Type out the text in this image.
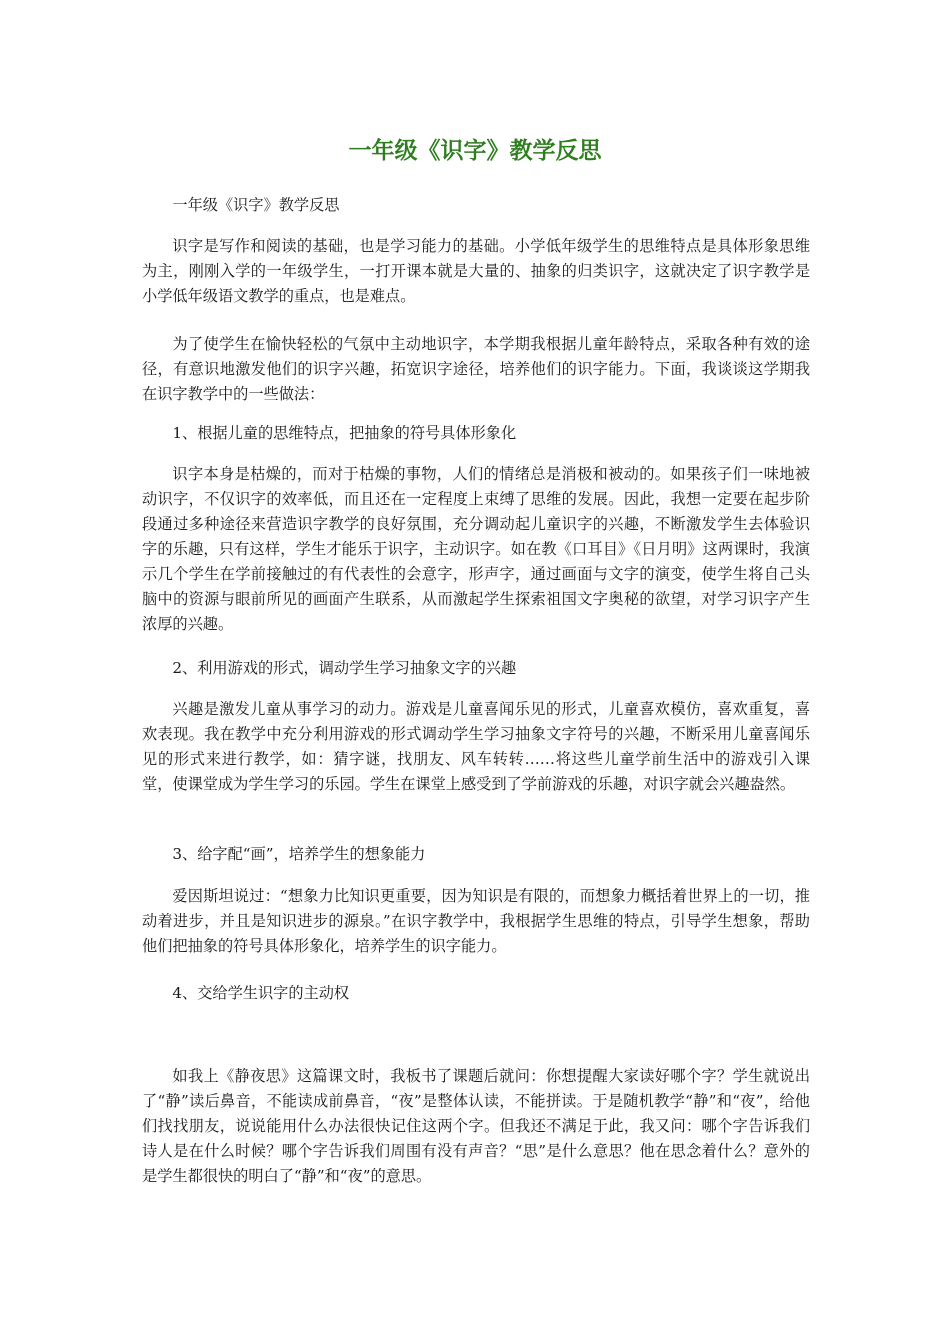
一年级《识字》教学反思

一年级《识字》教学反思

识字是写作和阅读的基础，也是学习能力的基础。小学低年级学生的思维特点是具体形象思维为主，刚刚入学的一年级学生，一打开课本就是大量的、抽象的归类识字，这就决定了识字教学是小学低年级语文教学的重点，也是难点。

为了使学生在愉快轻松的气氛中主动地识字，本学期我根据儿童年龄特点，采取各种有效的途径，有意识地激发他们的识字兴趣，拓宽识字途径，培养他们的识字能力。下面，我谈谈这学期我在识字教学中的一些做法：

1、根据儿童的思维特点，把抽象的符号具体形象化

识字本身是枯燥的，而对于枯燥的事物，人们的情绪总是消极和被动的。如果孩子们一味地被动识字，不仅识字的效率低，而且还在一定程度上束缚了思维的发展。因此，我想一定要在起步阶段通过多种途径来营造识字教学的良好氛围，充分调动起儿童识字的兴趣，不断激发学生去体验识字的乐趣，只有这样，学生才能乐于识字，主动识字。如在教《口耳目》《日月明》这两课时，我演示几个学生在学前接触过的有代表性的会意字，形声字，通过画面与文字的演变，使学生将自己头脑中的资源与眼前所见的画面产生联系，从而激起学生探索祖国文字奥秘的欲望，对学习识字产生浓厚的兴趣。

2、利用游戏的形式，调动学生学习抽象文字的兴趣

兴趣是激发儿童从事学习的动力。游戏是儿童喜闻乐见的形式，儿童喜欢模仿，喜欢重复，喜欢表现。我在教学中充分利用游戏的形式调动学生学习抽象文字符号的兴趣，不断采用儿童喜闻乐见的形式来进行教学，如：猜字谜，找朋友、风车转转……将这些儿童学前生活中的游戏引入课堂，使课堂成为学生学习的乐园。学生在课堂上感受到了学前游戏的乐趣，对识字就会兴趣盎然。

3、给字配“画”，培养学生的想象能力

爱因斯坦说过：“想象力比知识更重要，因为知识是有限的，而想象力概括着世界上的一切，推动着进步，并且是知识进步的源泉。”在识字教学中，我根据学生思维的特点，引导学生想象，帮助他们把抽象的符号具体形象化，培养学生的识字能力。

4、交给学生识字的主动权

如我上《静夜思》这篇课文时，我板书了课题后就问：你想提醒大家读好哪个字？学生就说出了“静”读后鼻音，不能读成前鼻音，“夜”是整体认读，不能拼读。于是随机教学“静”和“夜”，给他们找找朋友，说说能用什么办法很快记住这两个字。但我还不满足于此，我又问：哪个字告诉我们诗人是在什么时候？哪个字告诉我们周围有没有声音？“思”是什么意思？他在思念着什么？意外的是学生都很快的明白了“静”和“夜”的意思。
